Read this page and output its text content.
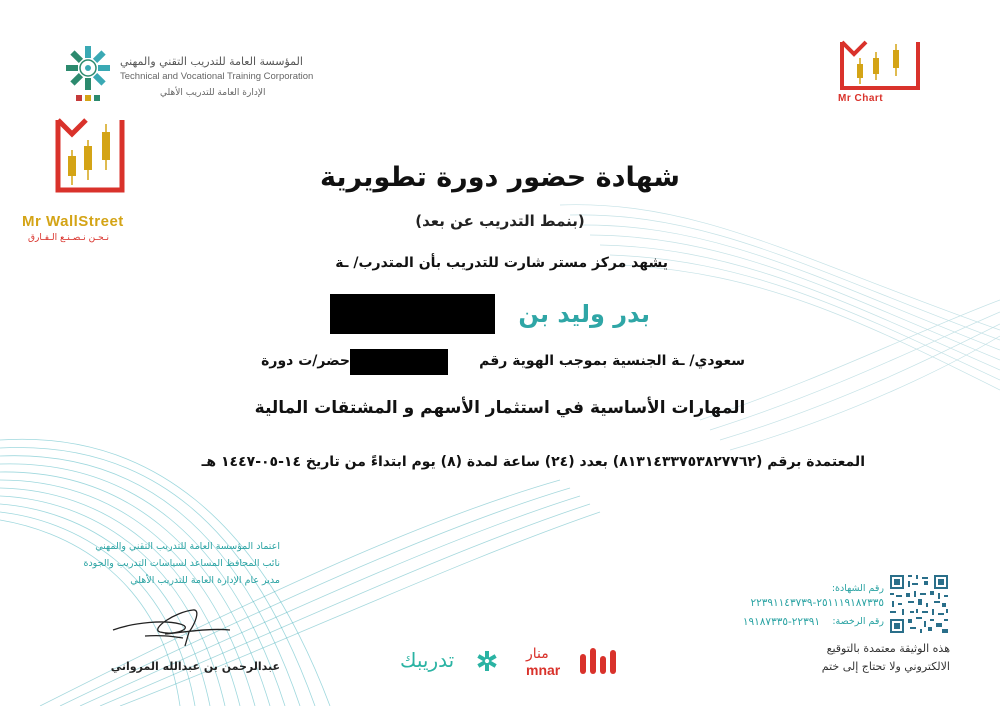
المؤسسة العامة للتدريب التقني والمهني
Technical and Vocational Training Corporation
الإدارة العامة للتدريب الأهلي
Mr WallStreet
نـحـن نـصـنـع الـفـارق
Mr Chart
شهادة حضور دورة تطويرية
(بنمط التدريب عن بعد)
يشهد مركز مستر شارت للتدريب بأن المتدرب/ ـة
بدر وليد بن
سعودي/ ـة الجنسية بموجب الهوية رقم
حضر/ت دورة
المهارات الأساسية في استثمار الأسهم و المشتقات المالية
المعتمدة برقم (٨١٣١٤٣٣٧٥٣٨٢٧٧٦٢) بعدد (٢٤) ساعة لمدة (٨) يوم ابتداءً من تاريخ ١٤-٠٥-١٤٤٧ هـ
اعتماد المؤسسة العامة للتدريب التقني والمهني
نائب المحافظ المساعد لسياسات التدريب والجودة
مدير عام الإدارة العامة للتدريب الأهلي
عبدالرحمن بن عبدالله المرواني	تدريبك	منار
mnar
رقم الشهادة:
٢٥١١١٩١٨٧٣٣٥-٢٢٣٩١١٤٣٧٣٩
رقم الرخصة:
٢٢٣٩١-١٩١٨٧٣٣٥
هذه الوثيقة معتمدة بالتوقيع
الالكتروني ولا تحتاج إلى ختم
